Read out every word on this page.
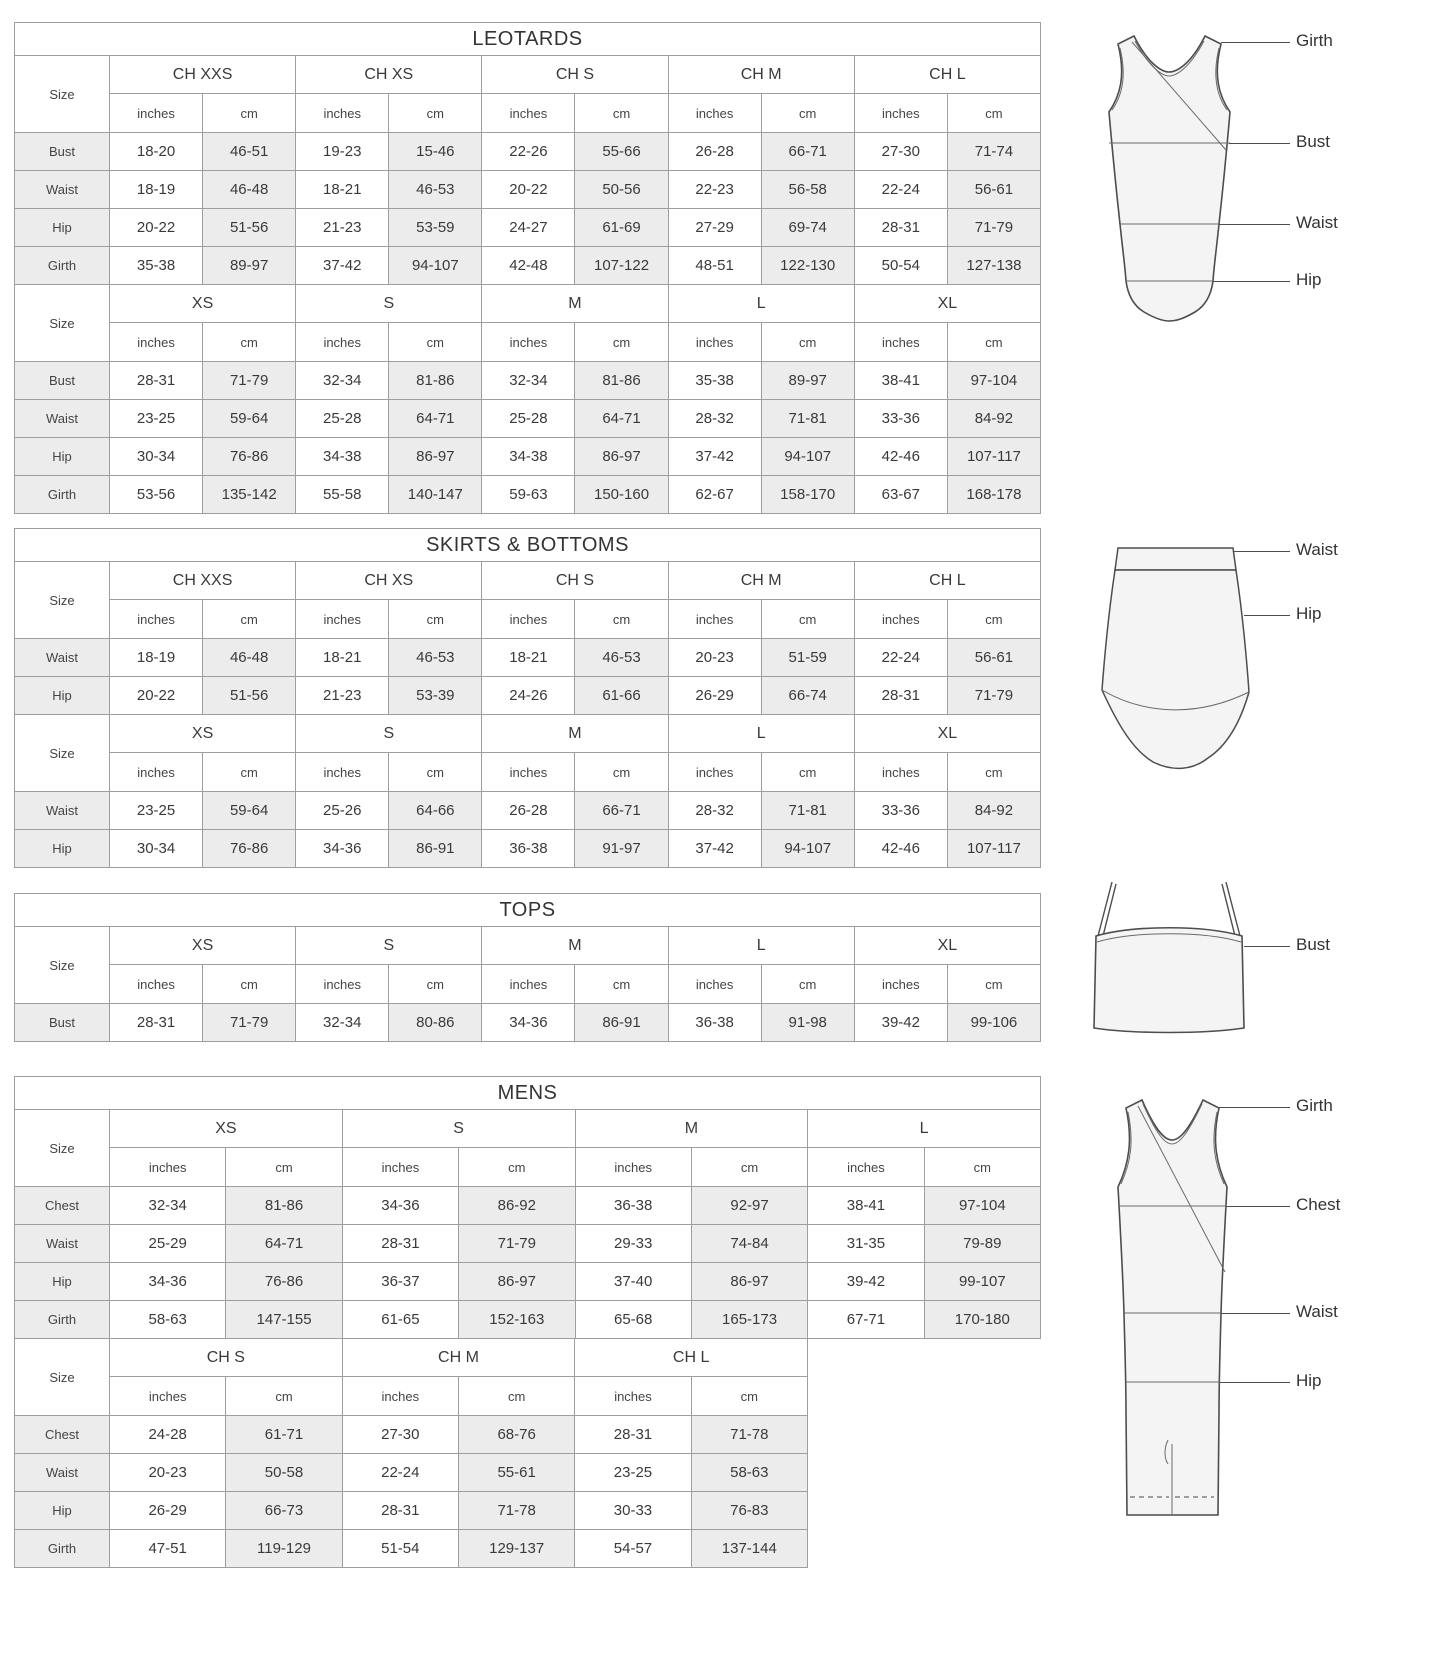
LEOTARDS
Size	CH XXS		CH XS		CH S		CH M		CH L	
	inches	cm	inches	cm	inches	cm	inches	cm	inches	cm
Bust	18-20	46-51	19-23	15-46	22-26	55-66	26-28	66-71	27-30	71-74
Waist	18-19	46-48	18-21	46-53	20-22	50-56	22-23	56-58	22-24	56-61
Hip	20-22	51-56	21-23	53-59	24-27	61-69	27-29	69-74	28-31	71-79
Girth	35-38	89-97	37-42	94-107	42-48	107-122	48-51	122-130	50-54	127-138
Size	XS		S		M		L		XL	
	inches	cm	inches	cm	inches	cm	inches	cm	inches	cm
Bust	28-31	71-79	32-34	81-86	32-34	81-86	35-38	89-97	38-41	97-104
Waist	23-25	59-64	25-28	64-71	25-28	64-71	28-32	71-81	33-36	84-92
Hip	30-34	76-86	34-38	86-97	34-38	86-97	37-42	94-107	42-46	107-117
Girth	53-56	135-142	55-58	140-147	59-63	150-160	62-67	158-170	63-67	168-178
SKIRTS & BOTTOMS
Size	CH XXS		CH XS		CH S		CH M		CH L	
	inches	cm	inches	cm	inches	cm	inches	cm	inches	cm
Waist	18-19	46-48	18-21	46-53	18-21	46-53	20-23	51-59	22-24	56-61
Hip	20-22	51-56	21-23	53-39	24-26	61-66	26-29	66-74	28-31	71-79
Size	XS		S		M		L		XL	
	inches	cm	inches	cm	inches	cm	inches	cm	inches	cm
Waist	23-25	59-64	25-26	64-66	26-28	66-71	28-32	71-81	33-36	84-92
Hip	30-34	76-86	34-36	86-91	36-38	91-97	37-42	94-107	42-46	107-117
TOPS
Size	XS		S		M		L		XL	
	inches	cm	inches	cm	inches	cm	inches	cm	inches	cm
Bust	28-31	71-79	32-34	80-86	34-36	86-91	36-38	91-98	39-42	99-106
MENS
Size	XS		S		M		L	
	inches	cm	inches	cm	inches	cm	inches	cm
Chest	32-34	81-86	34-36	86-92	36-38	92-97	38-41	97-104
Waist	25-29	64-71	28-31	71-79	29-33	74-84	31-35	79-89
Hip	34-36	76-86	36-37	86-97	37-40	86-97	39-42	99-107
Girth	58-63	147-155	61-65	152-163	65-68	165-173	67-71	170-180
Size	CH S		CH M		CH L	
	inches	cm	inches	cm	inches	cm
Chest	24-28	61-71	27-30	68-76	28-31	71-78
Waist	20-23	50-58	22-24	55-61	23-25	58-63
Hip	26-29	66-73	28-31	71-78	30-33	76-83
Girth	47-51	119-129	51-54	129-137	54-57	137-144
Girth
Bust
Waist
Hip
Waist
Hip
Bust
Girth
Chest
Waist
Hip
